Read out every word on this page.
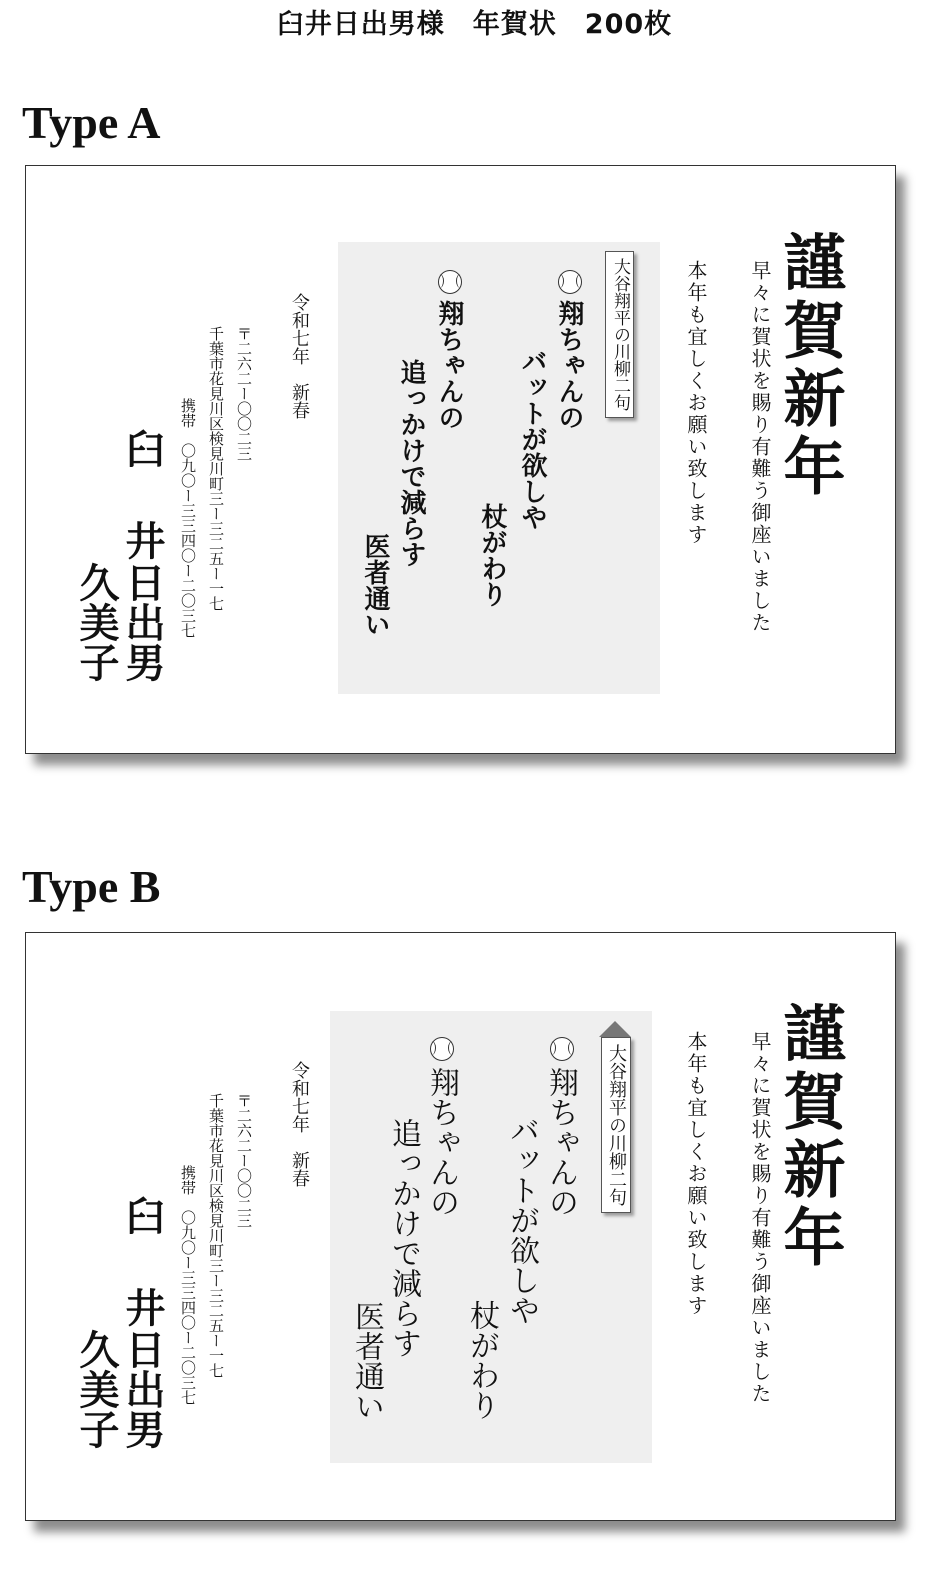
臼井日出男様　年賀状　200枚
Type A
謹賀新年
早々に賀状を賜り有難う御座いました
本年も宜しくお願い致します
大谷翔平の川柳二句
翔ちゃんの
バットが欲しや
杖がわり
翔ちゃんの
追っかけで減らす
医者通い
令和七年　新春
〒二六二ー〇〇二三
千葉市花見川区検見川町三ー三二五ー一七
携帯　〇九〇ー三三四〇ー二〇三七
臼　井
日出男
久美子
Type B
謹賀新年
早々に賀状を賜り有難う御座いました
本年も宜しくお願い致します
大谷翔平の川柳二句
翔ちゃんの
バットが欲しや
杖がわり
翔ちゃんの
追っかけで減らす
医者通い
令和七年　新春
〒二六二ー〇〇二三
千葉市花見川区検見川町三ー三二五ー一七
携帯　〇九〇ー三三四〇ー二〇三七
臼　井
日出男
久美子
